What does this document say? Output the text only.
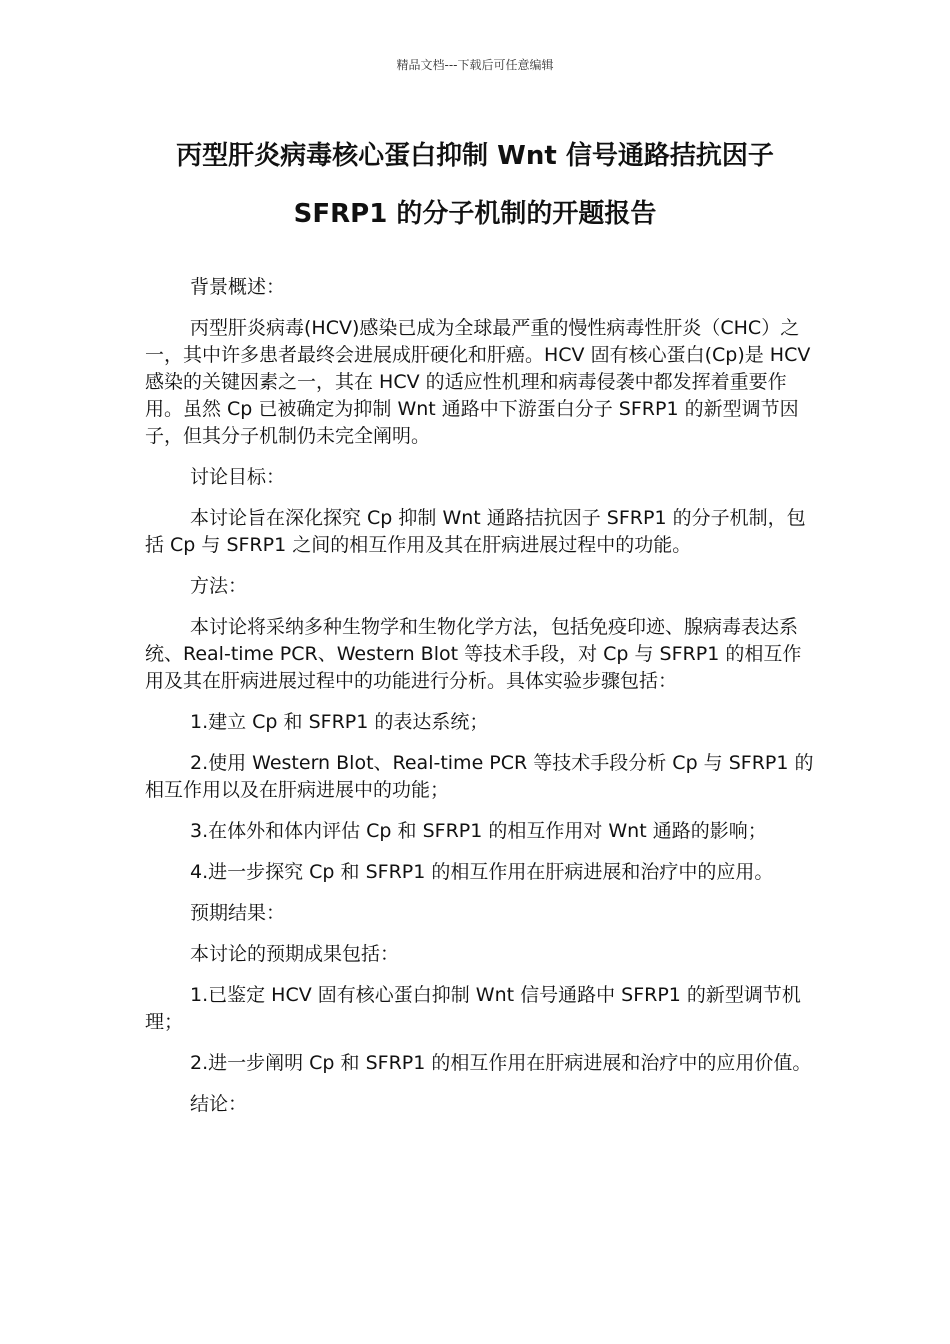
精品文档---下载后可任意编辑
丙型肝炎病毒核心蛋白抑制 Wnt 信号通路拮抗因子
SFRP1 的分子机制的开题报告

背景概述：

丙型肝炎病毒(HCV)感染已成为全球最严重的慢性病毒性肝炎（CHC）之一，其中许多患者最终会进展成肝硬化和肝癌。HCV 固有核心蛋白(Cp)是 HCV 感染的关键因素之一，其在 HCV 的适应性机理和病毒侵袭中都发挥着重要作用。虽然 Cp 已被确定为抑制 Wnt 通路中下游蛋白分子 SFRP1 的新型调节因子，但其分子机制仍未完全阐明。

讨论目标：

本讨论旨在深化探究 Cp 抑制 Wnt 通路拮抗因子 SFRP1 的分子机制，包括 Cp 与 SFRP1 之间的相互作用及其在肝病进展过程中的功能。

方法：

本讨论将采纳多种生物学和生物化学方法，包括免疫印迹、腺病毒表达系统、Real-time PCR、Western Blot 等技术手段，对 Cp 与 SFRP1 的相互作用及其在肝病进展过程中的功能进行分析。具体实验步骤包括：

1.建立 Cp 和 SFRP1 的表达系统；

2.使用 Western Blot、Real-time PCR 等技术手段分析 Cp 与 SFRP1 的相互作用以及在肝病进展中的功能；

3.在体外和体内评估 Cp 和 SFRP1 的相互作用对 Wnt 通路的影响；

4.进一步探究 Cp 和 SFRP1 的相互作用在肝病进展和治疗中的应用。

预期结果：

本讨论的预期成果包括：

1.已鉴定 HCV 固有核心蛋白抑制 Wnt 信号通路中 SFRP1 的新型调节机理；

2.进一步阐明 Cp 和 SFRP1 的相互作用在肝病进展和治疗中的应用价值。

结论：
